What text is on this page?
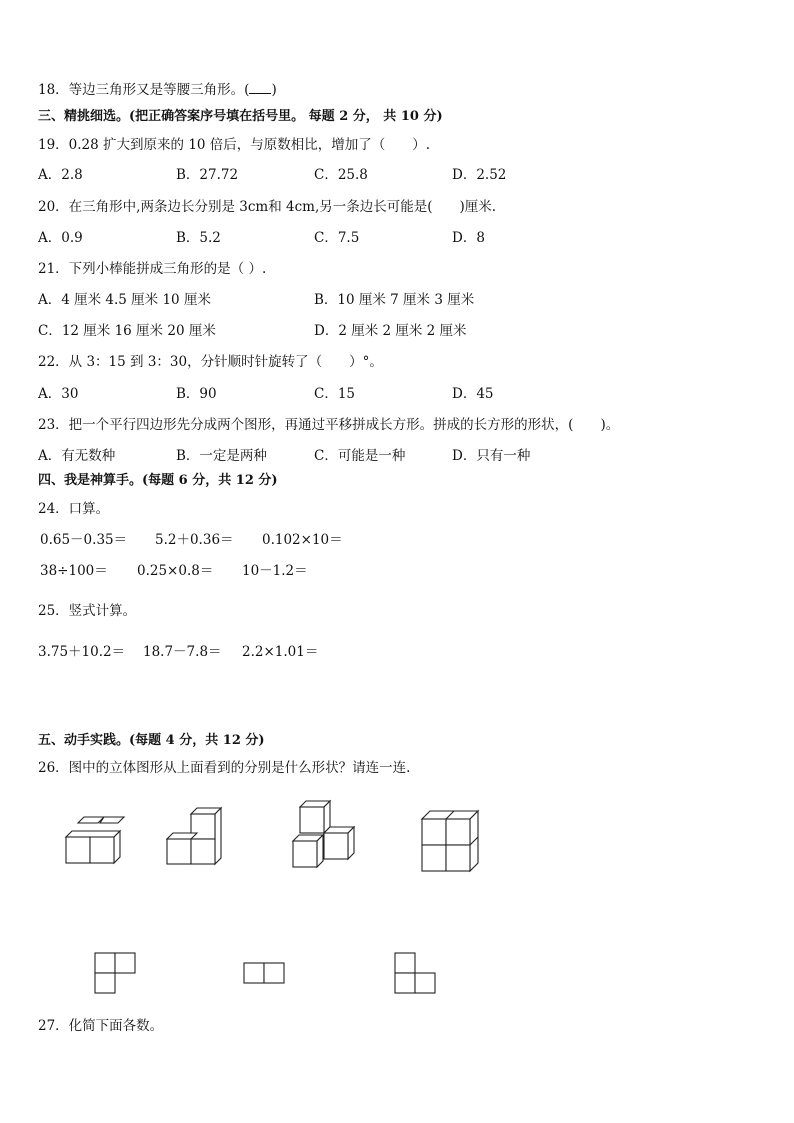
18．等边三角形又是等腰三角形。( )
三、精挑细选。(把正确答案序号填在括号里。 每题 2 分， 共 10 分)
19．0.28 扩大到原来的 10 倍后，与原数相比，增加了（　　）.
A．2.8	B．27.72	C．25.8	D．2.52
20．在三角形中,两条边长分别是 3cm和 4cm,另一条边长可能是(　　)厘米.
A．0.9	B．5.2	C．7.5	D．8
21．下列小棒能拼成三角形的是（ ）.
A．4 厘米 4.5 厘米 10 厘米	B．10 厘米 7 厘米 3 厘米
C．12 厘米 16 厘米 20 厘米	D．2 厘米 2 厘米 2 厘米
22．从 3：15 到 3：30，分针顺时针旋转了（　　）°。
A．30	B．90	C．15	D．45
23．把一个平行四边形先分成两个图形，再通过平移拼成长方形。拼成的长方形的形状，(　　)。
A．有无数种	B．一定是两种	C．可能是一种	D．只有一种
四、我是神算手。(每题 6 分，共 12 分)
24．口算。
0.65－0.35＝ 5.2＋0.36＝ 0.102×10＝
38÷100＝ 0.25×0.8＝ 10－1.2＝
25．竖式计算。
3.75＋10.2＝ 18.7－7.8＝ 2.2×1.01＝
五、动手实践。(每题 4 分，共 12 分)
26．图中的立体图形从上面看到的分别是什么形状？请连一连.
27．化简下面各数。
